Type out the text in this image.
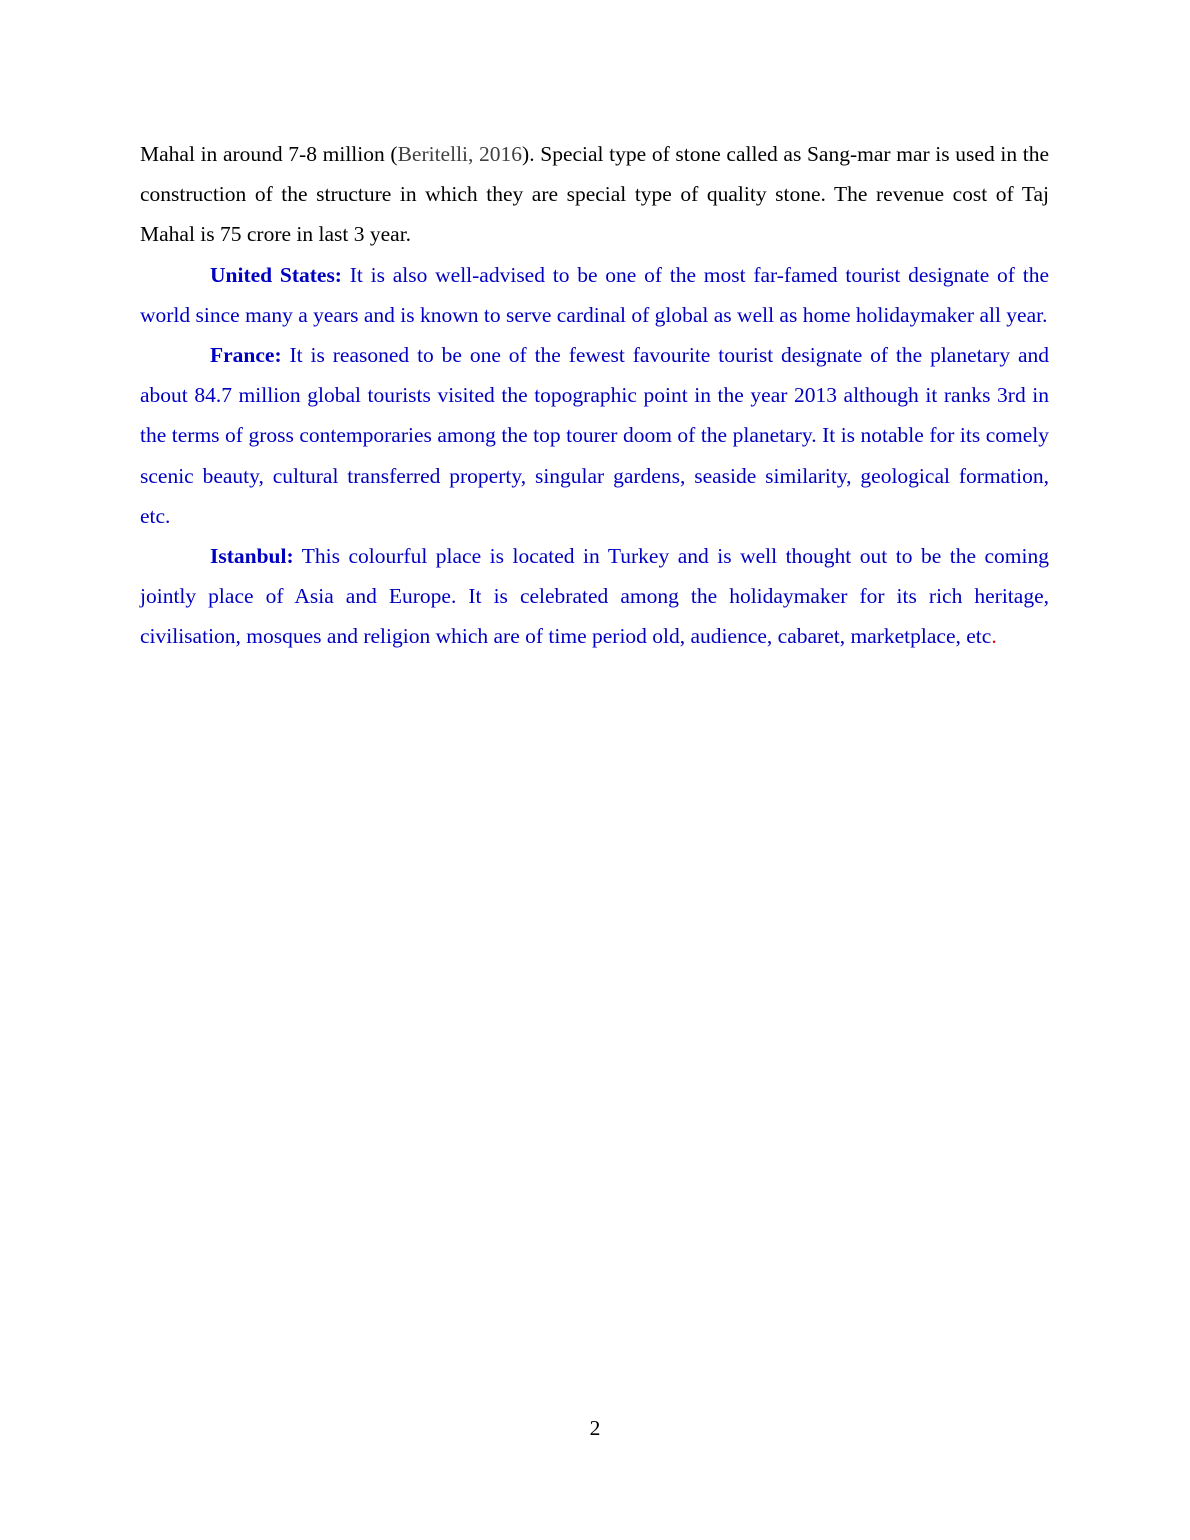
Mahal in around 7-8 million (Beritelli, 2016). Special type of stone called as Sang-mar mar is used in the construction of the structure in which they are special type of quality stone. The revenue cost of Taj Mahal is 75 crore in last 3 year.

United States: It is also well-advised to be one of the most far-famed tourist designate of the world since many a years and is known to serve cardinal of global as well as home holidaymaker all year.

France: It is reasoned to be one of the fewest favourite tourist designate of the planetary and about 84.7 million global tourists visited the topographic point in the year 2013 although it ranks 3rd in the terms of gross contemporaries among the top tourer doom of the planetary. It is notable for its comely scenic beauty, cultural transferred property, singular gardens, seaside similarity, geological formation, etc.

Istanbul: This colourful place is located in Turkey and is well thought out to be the coming jointly place of Asia and Europe. It is celebrated among the holidaymaker for its rich heritage, civilisation, mosques and religion which are of time period old, audience, cabaret, marketplace, etc.

2
